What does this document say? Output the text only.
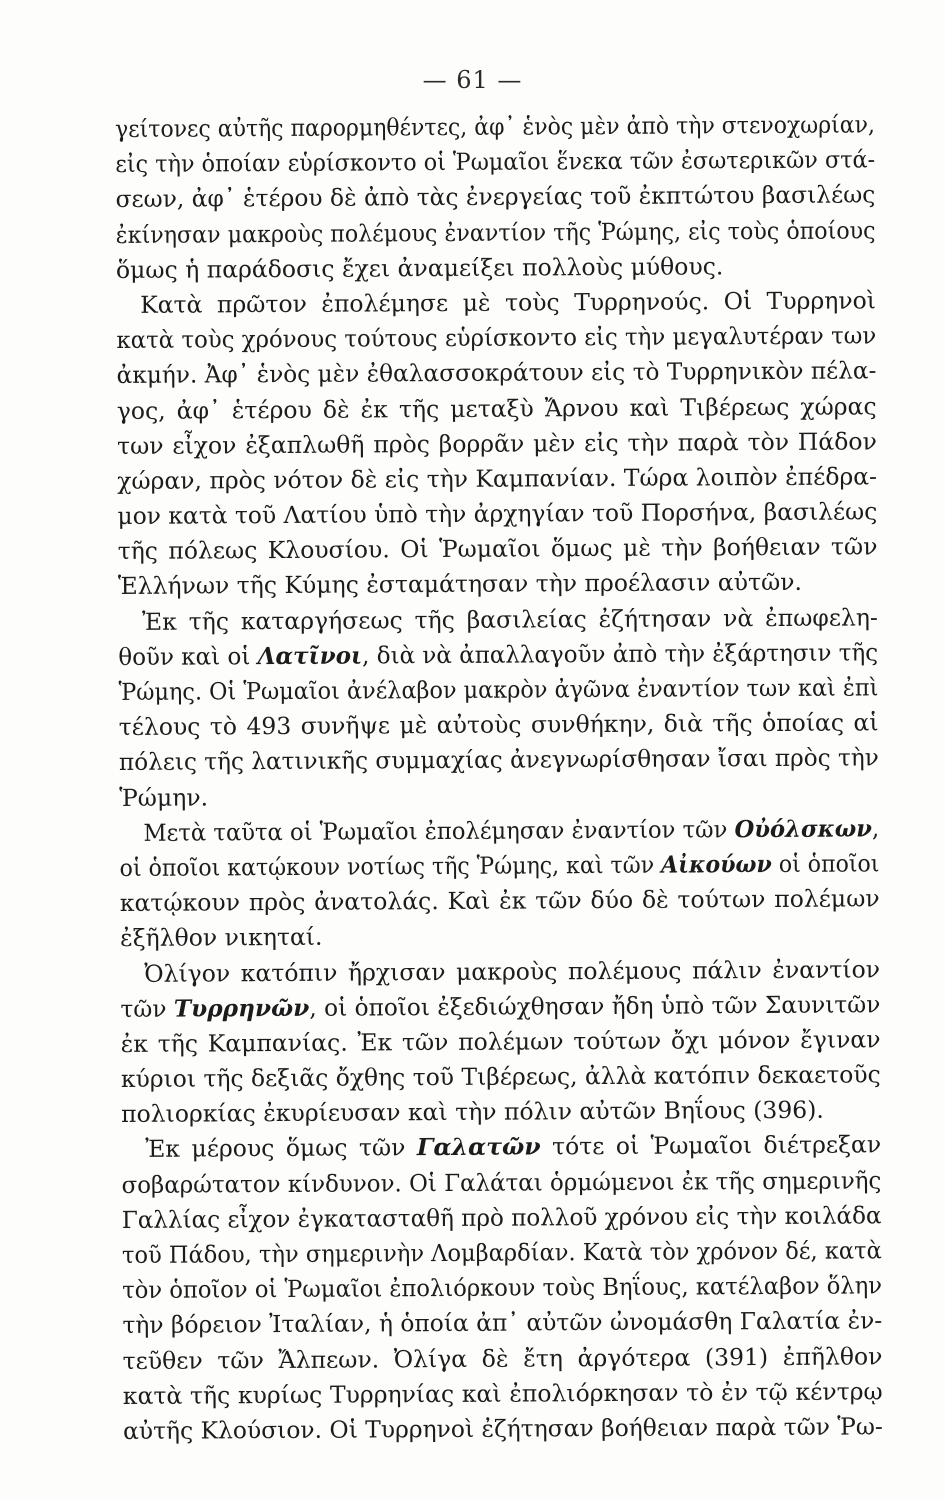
— 61 —
γείτονες αὐτῆς παρορμηθέντες, ἀφ᾽ ἑνὸς μὲν ἀπὸ τὴν στενοχωρίαν,
εἰς τὴν ὁποίαν εὑρίσκοντο οἱ Ῥωμαῖοι ἕνεκα τῶν ἐσωτερικῶν στά-
σεων, ἀφ᾽ ἑτέρου δὲ ἀπὸ τὰς ἐνεργείας τοῦ ἐκπτώτου βασιλέως
ἐκίνησαν μακροὺς πολέμους ἐναντίον τῆς Ῥώμης, εἰς τοὺς ὁποίους
ὅμως ἡ παράδοσις ἔχει ἀναμείξει πολλοὺς μύθους.
Κατὰ πρῶτον ἐπολέμησε μὲ τοὺς Τυρρηνούς. Οἱ Τυρρηνοὶ
κατὰ τοὺς χρόνους τούτους εὑρίσκοντο εἰς τὴν μεγαλυτέραν των
ἀκμήν. Ἀφ᾽ ἑνὸς μὲν ἐθαλασσοκράτουν εἰς τὸ Τυρρηνικὸν πέλα-
γος, ἀφ᾽ ἑτέρου δὲ ἐκ τῆς μεταξὺ Ἄρνου καὶ Τιβέρεως χώρας
των εἶχον ἐξαπλωθῆ πρὸς βορρᾶν μὲν εἰς τὴν παρὰ τὸν Πάδον
χώραν, πρὸς νότον δὲ εἰς τὴν Καμπανίαν. Τώρα λοιπὸν ἐπέδρα-
μον κατὰ τοῦ Λατίου ὑπὸ τὴν ἀρχηγίαν τοῦ Πορσήνα, βασιλέως
τῆς πόλεως Κλουσίου. Οἱ Ῥωμαῖοι ὅμως μὲ τὴν βοήθειαν τῶν
Ἑλλήνων τῆς Κύμης ἐσταμάτησαν τὴν προέλασιν αὐτῶν.
Ἐκ τῆς καταργήσεως τῆς βασιλείας ἐζήτησαν νὰ ἐπωφελη-
θοῦν καὶ οἱ Λατῖνοι, διὰ νὰ ἀπαλλαγοῦν ἀπὸ τὴν ἐξάρτησιν τῆς
Ῥώμης. Οἱ Ῥωμαῖοι ἀνέλαβον μακρὸν ἀγῶνα ἐναντίον των καὶ ἐπὶ
τέλους τὸ 493 συνῆψε μὲ αὐτοὺς συνθήκην, διὰ τῆς ὁποίας αἱ
πόλεις τῆς λατινικῆς συμμαχίας ἀνεγνωρίσθησαν ἴσαι πρὸς τὴν
Ῥώμην.
Μετὰ ταῦτα οἱ Ῥωμαῖοι ἐπολέμησαν ἐναντίον τῶν Οὐόλσκων,
οἱ ὁποῖοι κατῴκουν νοτίως τῆς Ῥώμης, καὶ τῶν Αἰκούων οἱ ὁποῖοι
κατῴκουν πρὸς ἀνατολάς. Καὶ ἐκ τῶν δύο δὲ τούτων πολέμων
ἐξῆλθον νικηταί.
Ὀλίγον κατόπιν ἤρχισαν μακροὺς πολέμους πάλιν ἐναντίον
τῶν Τυρρηνῶν, οἱ ὁποῖοι ἐξεδιώχθησαν ἤδη ὑπὸ τῶν Σαυνιτῶν
ἐκ τῆς Καμπανίας. Ἐκ τῶν πολέμων τούτων ὄχι μόνον ἔγιναν
κύριοι τῆς δεξιᾶς ὄχθης τοῦ Τιβέρεως, ἀλλὰ κατόπιν δεκαετοῦς
πολιορκίας ἐκυρίευσαν καὶ τὴν πόλιν αὐτῶν Βηΐους (396).
Ἐκ μέρους ὅμως τῶν Γαλατῶν τότε οἱ Ῥωμαῖοι διέτρεξαν
σοβαρώτατον κίνδυνον. Οἱ Γαλάται ὁρμώμενοι ἐκ τῆς σημερινῆς
Γαλλίας εἶχον ἐγκατασταθῆ πρὸ πολλοῦ χρόνου εἰς τὴν κοιλάδα
τοῦ Πάδου, τὴν σημερινὴν Λομβαρδίαν. Κατὰ τὸν χρόνον δέ, κατὰ
τὸν ὁποῖον οἱ Ῥωμαῖοι ἐπολιόρκουν τοὺς Βηΐους, κατέλαβον ὅλην
τὴν βόρειον Ἰταλίαν, ἡ ὁποία ἀπ᾽ αὐτῶν ὠνομάσθη Γαλατία ἐν-
τεῦθεν τῶν Ἄλπεων. Ὀλίγα δὲ ἔτη ἀργότερα (391) ἐπῆλθον
κατὰ τῆς κυρίως Τυρρηνίας καὶ ἐπολιόρκησαν τὸ ἐν τῷ κέντρῳ
αὐτῆς Κλούσιον. Οἱ Τυρρηνοὶ ἐζήτησαν βοήθειαν παρὰ τῶν Ῥω-
